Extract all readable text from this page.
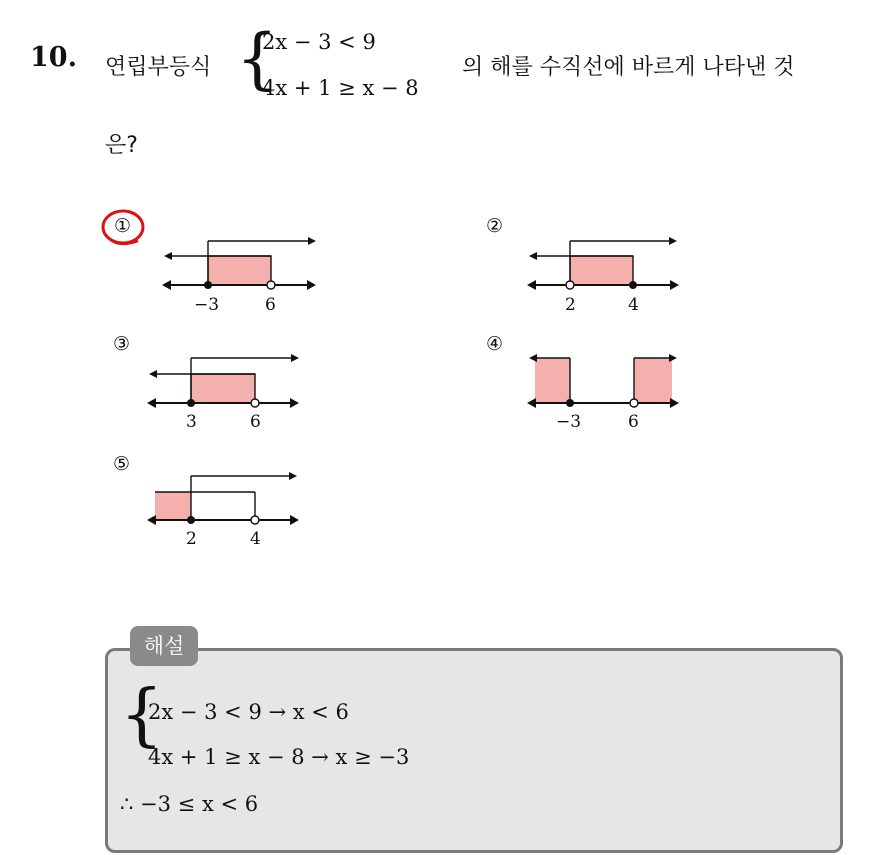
10. 연립부등식 {
2x − 3 < 9
4x + 1 ≥ x − 8
의 해를 수직선에 바르게 나타낸 것
은?
①
−3	6
②
2	4
③
3	6
④
−3	6
⑤
2	4
해설
{
2x − 3 < 9 → x < 6
4x + 1 ≥ x − 8 → x ≥ −3
∴ −3 ≤ x < 6
